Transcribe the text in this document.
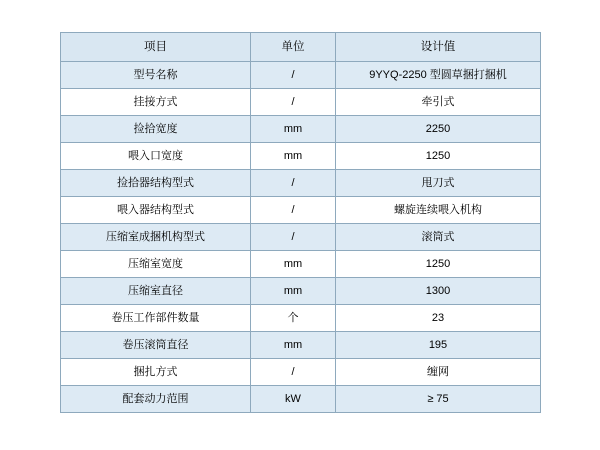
项目	单位	设计值
型号名称	/	9YYQ-2250 型圆草捆打捆机
挂接方式	/	牵引式
捡拾宽度	mm	2250
喂入口宽度	mm	1250
捡拾器结构型式	/	甩刀式
喂入器结构型式	/	螺旋连续喂入机构
压缩室成捆机构型式	/	滚筒式
压缩室宽度	mm	1250
压缩室直径	mm	1300
卷压工作部件数量	个	23
卷压滚筒直径	mm	195
捆扎方式	/	缠网
配套动力范围	kW	≥ 75
